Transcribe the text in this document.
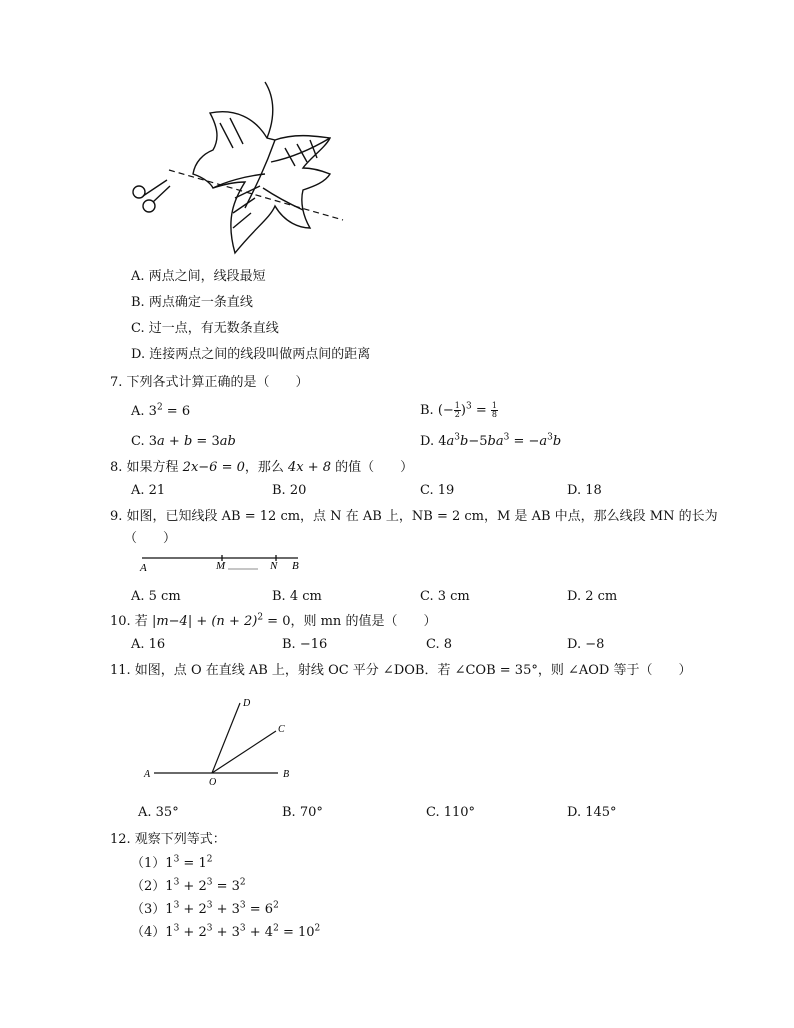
A. 两点之间，线段最短
B. 两点确定一条直线
C. 过一点，有无数条直线
D. 连接两点之间的线段叫做两点间的距离
7. 下列各式计算正确的是（　　）
A. $3^2 = 6$	B. (− $\frac{1}{2} )^3 = \frac{1}{8}$
C. 3a + b = 3ab	D. $4a^3b-5ba^3 = -a^3b$
8. 如果方程 2x−6 = 0，那么 4x + 8 的值（　　）
A. 21	B. 20	C. 19	D. 18
9. 如图，已知线段 AB = 12 cm，点 N 在 AB 上，NB = 2 cm，M 是 AB 中点，那么线段 MN 的长为
（　　）
A	M	N B
A. 5 cm	B. 4 cm	C. 3 cm	D. 2 cm
10. 若 $|m-4| + (n + 2)^2 = 0$，则 mn 的值是（　　）
A. 16	B. −16	C. 8	D. −8
11. 如图，点 O 在直线 AB 上，射线 OC 平分 ∠DOB．若 ∠COB = 35°，则 ∠AOD 等于（　　）
A
O
B
C
D
A. 35°	B. 70°	C. 110°	D. 145°
12. 观察下列等式：
$(1)1^3 = 1^2$
$(2)1^3 + 2^3 = 3^2$
$(3)1^3 + 2^3 + 3^3 = 6^2$
$(4)1^3 + 2^3 + 3^3 + 4^2 = 10^2$
